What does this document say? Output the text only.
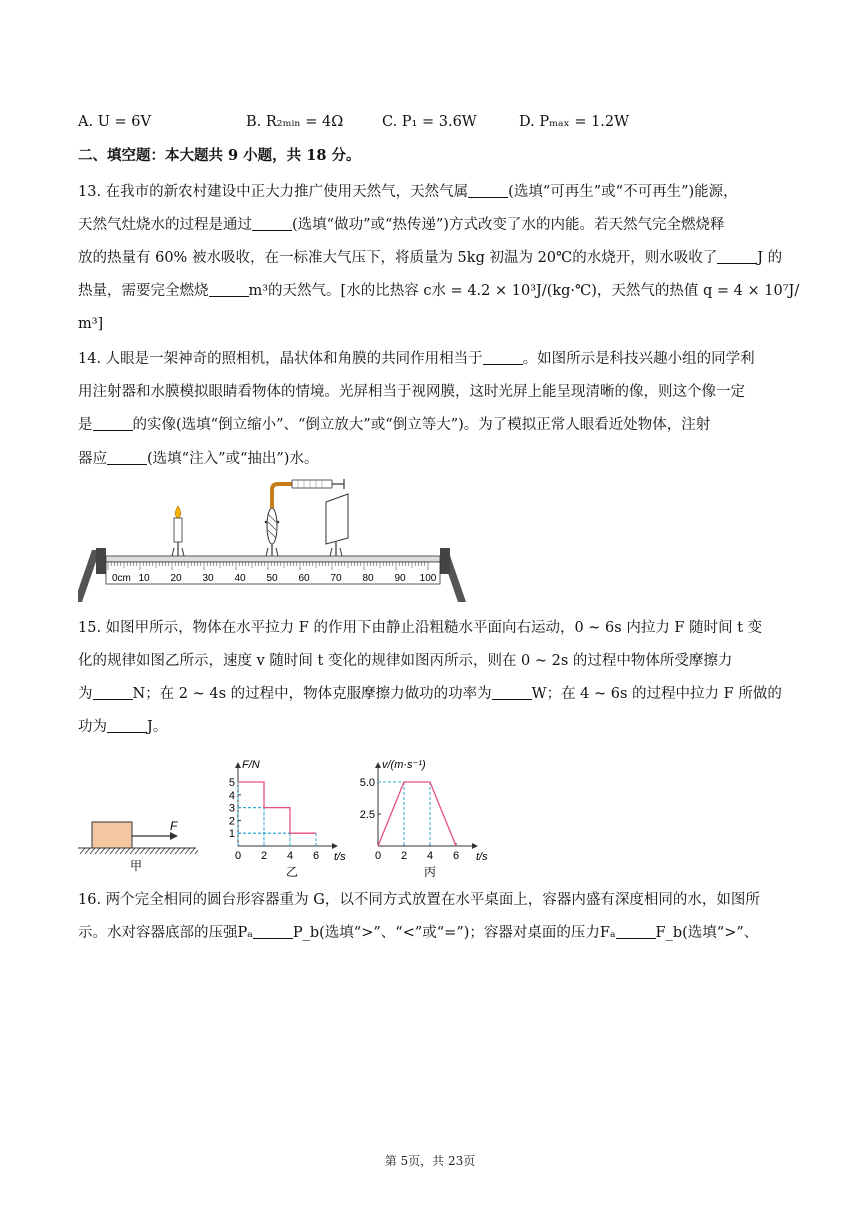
A. U = 6V	B. R₂ₘᵢₙ = 4Ω	C. P₁ = 3.6W	D. Pₘₐₓ = 1.2W
二、填空题：本大题共 9 小题，共 18 分。
13. 在我市的新农村建设中正大力推广使用天然气，天然气属	(选填“可再生”或“不可再生”)能源，
天然气灶烧水的过程是通过	(选填“做功”或“热传递”)方式改变了水的内能。若天然气完全燃烧释
放的热量有 60% 被水吸收，在一标准大气压下，将质量为 5kg 初温为 20℃的水烧开，则水吸收了	J 的
热量，需要完全燃烧	m³的天然气。[水的比热容 c水 = 4.2 × 10³J/(kg·℃)，天然气的热值 q = 4 × 10⁷J/
m³]
14. 人眼是一架神奇的照相机，晶状体和角膜的共同作用相当于	。如图所示是科技兴趣小组的同学利
用注射器和水膜模拟眼睛看物体的情境。光屏相当于视网膜，这时光屏上能呈现清晰的像，则这个像一定
是	的实像(选填“倒立缩小”、“倒立放大”或“倒立等大”)。为了模拟正常人眼看近处物体，注射
器应	(选填“注入”或“抽出”)水。
0cm 10 20 30 40 50 60 70 80 90 100
15. 如图甲所示，物体在水平拉力 F 的作用下由静止沿粗糙水平面向右运动，0 ~ 6s 内拉力 F 随时间 t 变
化的规律如图乙所示，速度 v 随时间 t 变化的规律如图丙所示，则在 0 ~ 2s 的过程中物体所受摩擦力
为	N；在 2 ~ 4s 的过程中，物体克服摩擦力做功的功率为	W；在 4 ~ 6s 的过程中拉力 F 所做的
功为	J。
F
甲
5
4
3
2
1
0 2 4 6
F/N
t/s
乙
5.0
2.5
0 2 4 6
v/(m·s⁻¹)
t/s
丙
16. 两个完全相同的圆台形容器重为 G，以不同方式放置在水平桌面上，容器内盛有深度相同的水，如图所
示。水对容器底部的压强Pₐ	P_b(选填“>”、“<”或“=”)；容器对桌面的压力Fₐ	F_b(选填“>”、
第 5页，共 23页
